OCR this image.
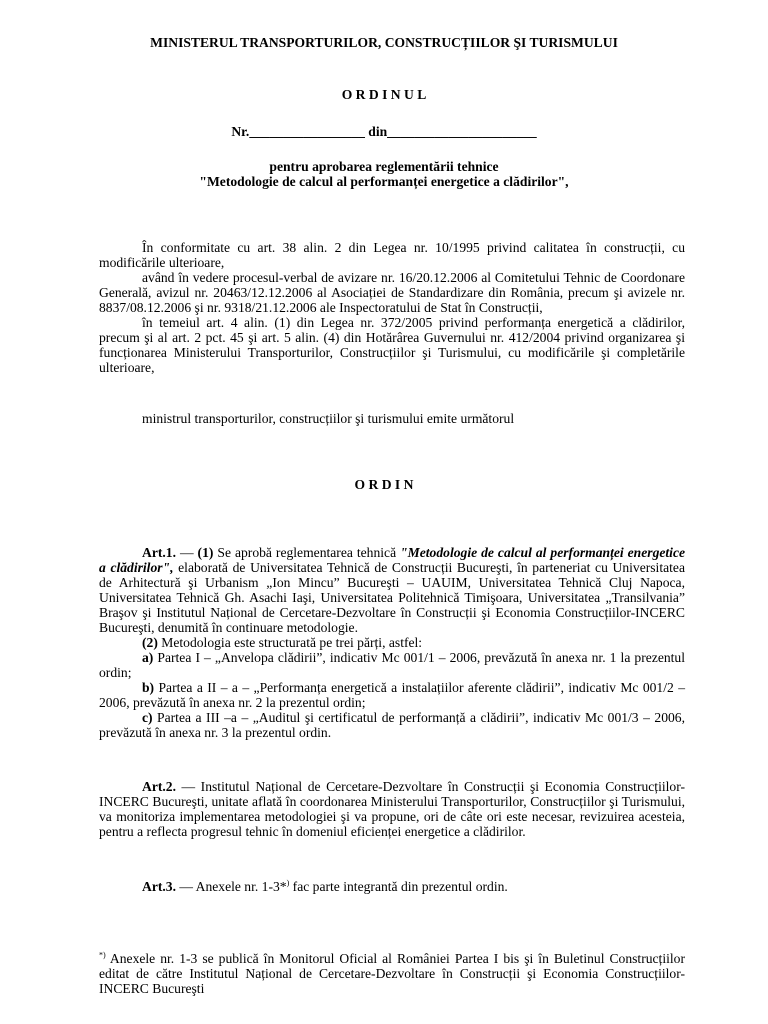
MINISTERUL TRANSPORTURILOR, CONSTRUCȚIILOR ŞI TURISMULUI
O R D I N U L
Nr._________________ din______________________
pentru aprobarea reglementării tehnice
"Metodologie de calcul al performanței energetice a clădirilor",

În conformitate cu art. 38 alin. 2 din Legea nr. 10/1995 privind calitatea în construcții, cu modificările ulterioare,

având în vedere procesul-verbal de avizare nr. 16/20.12.2006 al Comitetului Tehnic de Coordonare Generală, avizul nr. 20463/12.12.2006 al Asociației de Standardizare din România, precum şi avizele nr. 8837/08.12.2006 şi nr. 9318/21.12.2006 ale Inspectoratului de Stat în Construcții,

în temeiul art. 4 alin. (1) din Legea nr. 372/2005 privind performanța energetică a clădirilor, precum şi al art. 2 pct. 45 şi art. 5 alin. (4) din Hotărârea Guvernului nr. 412/2004 privind organizarea şi funcționarea Ministerului Transporturilor, Construcțiilor şi Turismului, cu modificările şi completările ulterioare,

ministrul transporturilor, construcțiilor şi turismului emite următorul

O R D I N

Art.1. — (1) Se aprobă reglementarea tehnică "Metodologie de calcul al performanței energetice a clădirilor", elaborată de Universitatea Tehnică de Construcții Bucureşti, în parteneriat cu Universitatea de Arhitectură şi Urbanism „Ion Mincu” Bucureşti – UAUIM, Universitatea Tehnică Cluj Napoca, Universitatea Tehnică Gh. Asachi Iaşi, Universitatea Politehnică Timişoara, Universitatea „Transilvania” Braşov şi Institutul Național de Cercetare-Dezvoltare în Construcții şi Economia Construcțiilor-INCERC Bucureşti, denumită în continuare metodologie.

(2) Metodologia este structurată pe trei părți, astfel:

a) Partea I – „Anvelopa clădirii”, indicativ Mc 001/1 – 2006, prevăzută în anexa nr. 1 la prezentul ordin;

b) Partea a II – a – „Performanța energetică a instalațiilor aferente clădirii”, indicativ Mc 001/2 – 2006, prevăzută în anexa nr. 2 la prezentul ordin;

c) Partea a III –a – „Auditul şi certificatul de performanță a clădirii”, indicativ Mc 001/3 – 2006, prevăzută în anexa nr. 3 la prezentul ordin.

Art.2. — Institutul Național de Cercetare-Dezvoltare în Construcții şi Economia Construcțiilor-INCERC Bucureşti, unitate aflată în coordonarea Ministerului Transporturilor, Construcțiilor şi Turismului, va monitoriza implementarea metodologiei şi va propune, ori de câte ori este necesar, revizuirea acesteia, pentru a reflecta progresul tehnic în domeniul eficienței energetice a clădirilor.

Art.3. — Anexele nr. 1-3*) fac parte integrantă din prezentul ordin.

*) Anexele nr. 1-3 se publică în Monitorul Oficial al României Partea I bis şi în Buletinul Construcțiilor editat de către Institutul Național de Cercetare-Dezvoltare în Construcții şi Economia Construcțiilor-INCERC Bucureşti
